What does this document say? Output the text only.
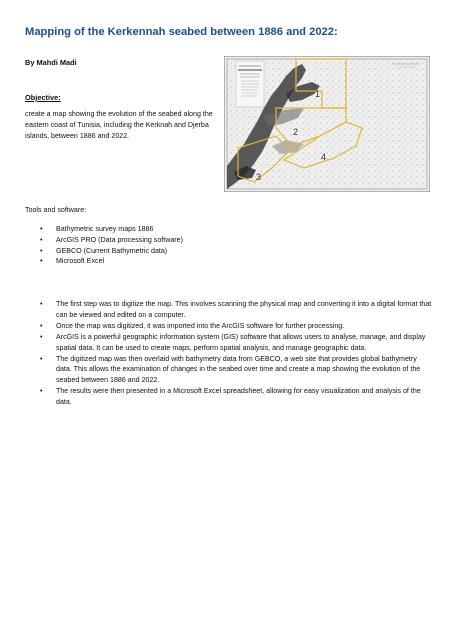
Mapping of the Kerkennah seabed between 1886 and 2022:
By Mahdi Madi
Objective:
create a map showing the evolution of the seabed along the eastern coast of Tunisia, including the Kerknah and Djerba islands, between 1886 and 2022.
1
2
3
4
Tools and software:
• Bathymetric survey maps 1886
• ArcGIS PRO (Data processing software)
• GEBCO (Current Bathymetric data)
• Microsoft Excel
• The first step was to digitize the map. This involves scanning the physical map and converting it into a digital format that can be viewed and edited on a computer.
• Once the map was digitized, it was imported into the ArcGIS software for further processing.
• ArcGIS is a powerful geographic information system (GIS) software that allows users to analyse, manage, and display spatial data. It can be used to create maps, perform spatial analysis, and manage geographic data.
• The digitized map was then overlaid with bathymetry data from GEBCO, a web site that provides global bathymetry data. This allows the examination of changes in the seabed over time and create a map showing the evolution of the seabed between 1886 and 2022.
• The results were then presented in a Microsoft Excel spreadsheet, allowing for easy visualization and analysis of the data.
